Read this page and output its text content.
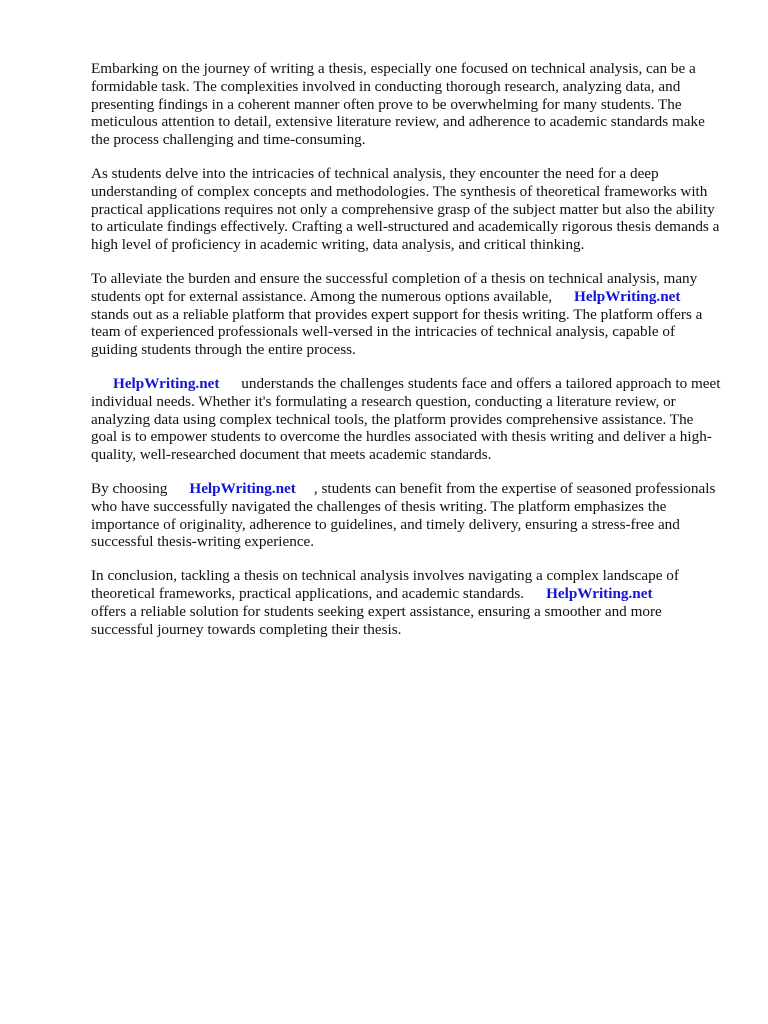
Embarking on the journey of writing a thesis, especially one focused on technical analysis, can be a formidable task. The complexities involved in conducting thorough research, analyzing data, and presenting findings in a coherent manner often prove to be overwhelming for many students. The meticulous attention to detail, extensive literature review, and adherence to academic standards make the process challenging and time-consuming.

As students delve into the intricacies of technical analysis, they encounter the need for a deep understanding of complex concepts and methodologies. The synthesis of theoretical frameworks with practical applications requires not only a comprehensive grasp of the subject matter but also the ability to articulate findings effectively. Crafting a well-structured and academically rigorous thesis demands a high level of proficiency in academic writing, data analysis, and critical thinking.

To alleviate the burden and ensure the successful completion of a thesis on technical analysis, many students opt for external assistance. Among the numerous options available, HelpWriting.net
stands out as a reliable platform that provides expert support for thesis writing. The platform offers a team of experienced professionals well-versed in the intricacies of technical analysis, capable of guiding students through the entire process.

HelpWriting.net understands the challenges students face and offers a tailored approach to meet individual needs. Whether it's formulating a research question, conducting a literature review, or analyzing data using complex technical tools, the platform provides comprehensive assistance. The goal is to empower students to overcome the hurdles associated with thesis writing and deliver a high-quality, well-researched document that meets academic standards.

By choosing HelpWriting.net , students can benefit from the expertise of seasoned professionals who have successfully navigated the challenges of thesis writing. The platform emphasizes the importance of originality, adherence to guidelines, and timely delivery, ensuring a stress-free and successful thesis-writing experience.

In conclusion, tackling a thesis on technical analysis involves navigating a complex landscape of theoretical frameworks, practical applications, and academic standards. HelpWriting.net
offers a reliable solution for students seeking expert assistance, ensuring a smoother and more successful journey towards completing their thesis.
